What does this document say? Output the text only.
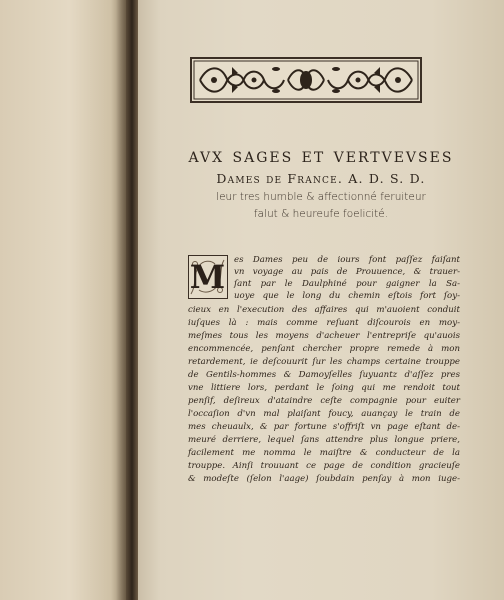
AVX SAGES ET VERTVEVSES
Dames de France. A. D. S. D.
leur tres humble & affectionné feruiteur
falut & heureufe foelicité.
M es Dames peu de iours font paſſez faiſant
vn voyage au pais de Prouuence, & trauer-
ſant par le Daulphiné pour gaigner la Sa-
uoye que le long du chemin eſtois fort ſoy-
cieux en l'execution des affaires qui m'auoient conduit
iuſques là : mais comme reſuant diſcourois en moy-
meſmes tous les moyens d'acheuer l'entrepriſe qu'auois
encommencée, penſant chercher propre remede à mon
retardement, ie deſcouurit ſur les champs certaine trouppe
de Gentils-hommes & Damoyſelles ſuyuantz d'aſſez pres
vne littiere lors, perdant le ſoing qui me rendoit tout
penſif, deſireux d'ataindre ceſte compagnie pour euiter
l'occaſion d'vn mal plaiſant foucy, auançay le train de
mes cheuaulx, & par fortune s'offriſt vn page eſtant de-
meuré derriere, lequel ſans attendre plus longue priere,
facilement me nomma le maiſtre & conducteur de la
trouppe. Ainſi trouuant ce page de condition gracieuſe
& modeſte (ſelon l'aage) ſoubdain penſay à mon iuge-
